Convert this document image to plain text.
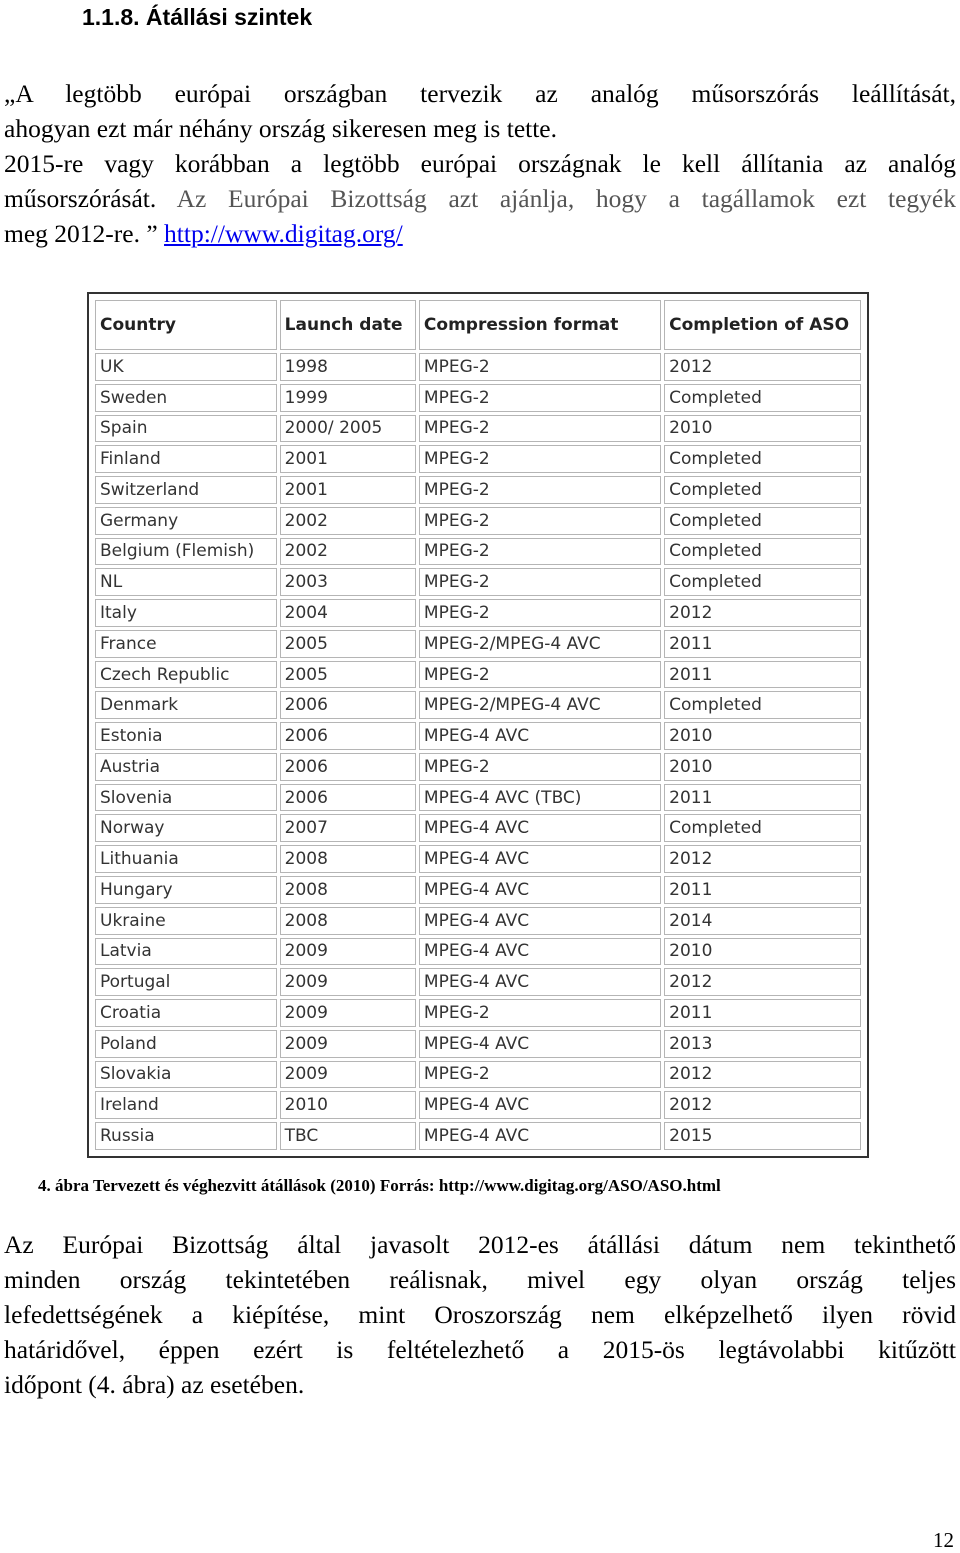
1.1.8. Átállási szintek
„A legtöbb európai országban tervezik az analóg műsorszórás leállítását,
ahogyan ezt már néhány ország sikeresen meg is tette.
2015-re vagy korábban a legtöbb európai országnak le kell állítania az analóg
műsorszórását. Az Európai Bizottság azt ajánlja, hogy a tagállamok ezt tegyék
meg 2012-re. ” http://www.digitag.org/
Country	Launch date	Compression format	Completion of ASO
UK	1998	MPEG-2	2012
Sweden	1999	MPEG-2	Completed
Spain	2000/ 2005	MPEG-2	2010
Finland	2001	MPEG-2	Completed
Switzerland	2001	MPEG-2	Completed
Germany	2002	MPEG-2	Completed
Belgium (Flemish)	2002	MPEG-2	Completed
NL	2003	MPEG-2	Completed
Italy	2004	MPEG-2	2012
France	2005	MPEG-2/MPEG-4 AVC	2011
Czech Republic	2005	MPEG-2	2011
Denmark	2006	MPEG-2/MPEG-4 AVC	Completed
Estonia	2006	MPEG-4 AVC	2010
Austria	2006	MPEG-2	2010
Slovenia	2006	MPEG-4 AVC (TBC)	2011
Norway	2007	MPEG-4 AVC	Completed
Lithuania	2008	MPEG-4 AVC	2012
Hungary	2008	MPEG-4 AVC	2011
Ukraine	2008	MPEG-4 AVC	2014
Latvia	2009	MPEG-4 AVC	2010
Portugal	2009	MPEG-4 AVC	2012
Croatia	2009	MPEG-2	2011
Poland	2009	MPEG-4 AVC	2013
Slovakia	2009	MPEG-2	2012
Ireland	2010	MPEG-4 AVC	2012
Russia	TBC	MPEG-4 AVC	2015

4. ábra Tervezett és véghezvitt átállások (2010) Forrás: http://www.digitag.org/ASO/ASO.html

Az Európai Bizottság által javasolt 2012-es átállási dátum nem tekinthető
minden ország tekintetében reálisnak, mivel egy olyan ország teljes
lefedettségének a kiépítése, mint Oroszország nem elképzelhető ilyen rövid
határidővel, éppen ezért is feltételezhető a 2015-ös legtávolabbi kitűzött
időpont (4. ábra) az esetében.

12
